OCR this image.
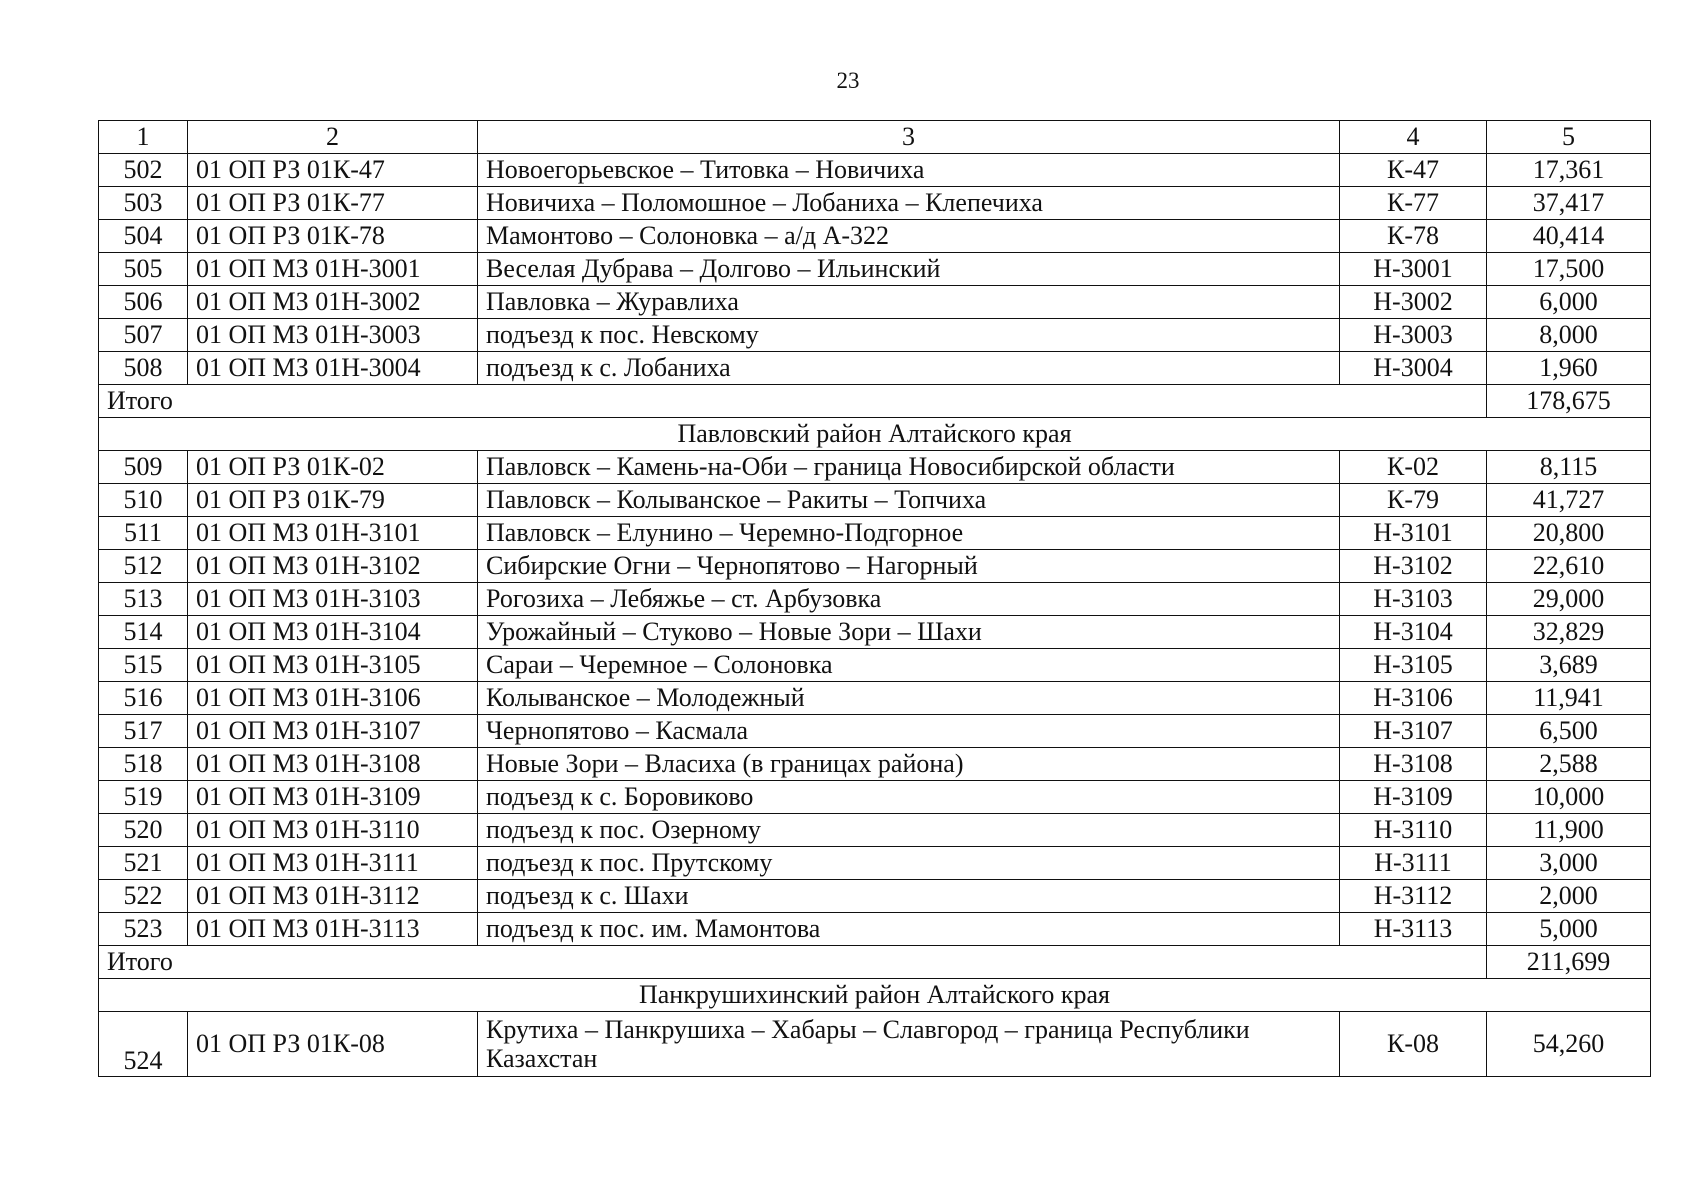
23
1	2	3	4	5
502	01 ОП РЗ 01К-47	Новоегорьевское – Титовка – Новичиха	К-47	17,361
503	01 ОП РЗ 01К-77	Новичиха – Поломошное – Лобаниха – Клепечиха	К-77	37,417
504	01 ОП РЗ 01К-78	Мамонтово – Солоновка – а/д А-322	К-78	40,414
505	01 ОП МЗ 01Н-3001	Веселая Дубрава – Долгово – Ильинский	Н-3001	17,500
506	01 ОП МЗ 01Н-3002	Павловка – Журавлиха	Н-3002	6,000
507	01 ОП МЗ 01Н-3003	подъезд к пос. Невскому	Н-3003	8,000
508	01 ОП МЗ 01Н-3004	подъезд к с. Лобаниха	Н-3004	1,960
Итого				178,675
Павловский район Алтайского края				
509	01 ОП РЗ 01К-02	Павловск – Камень-на-Оби – граница Новосибирской области	К-02	8,115
510	01 ОП РЗ 01К-79	Павловск – Колыванское – Ракиты – Топчиха	К-79	41,727
511	01 ОП МЗ 01Н-3101	Павловск – Елунино – Черемно-Подгорное	Н-3101	20,800
512	01 ОП МЗ 01Н-3102	Сибирские Огни – Чернопятово – Нагорный	Н-3102	22,610
513	01 ОП МЗ 01Н-3103	Рогозиха – Лебяжье – ст. Арбузовка	Н-3103	29,000
514	01 ОП МЗ 01Н-3104	Урожайный – Стуково – Новые Зори – Шахи	Н-3104	32,829
515	01 ОП МЗ 01Н-3105	Сараи – Черемное – Солоновка	Н-3105	3,689
516	01 ОП МЗ 01Н-3106	Колыванское – Молодежный	Н-3106	11,941
517	01 ОП МЗ 01Н-3107	Чернопятово – Касмала	Н-3107	6,500
518	01 ОП МЗ 01Н-3108	Новые Зори – Власиха (в границах района)	Н-3108	2,588
519	01 ОП МЗ 01Н-3109	подъезд к с. Боровиково	Н-3109	10,000
520	01 ОП МЗ 01Н-3110	подъезд к пос. Озерному	Н-3110	11,900
521	01 ОП МЗ 01Н-3111	подъезд к пос. Прутскому	Н-3111	3,000
522	01 ОП МЗ 01Н-3112	подъезд к с. Шахи	Н-3112	2,000
523	01 ОП МЗ 01Н-3113	подъезд к пос. им. Мамонтова	Н-3113	5,000
Итого				211,699
Панкрушихинский район Алтайского края				
524	01 ОП РЗ 01К-08	Крутиха – Панкрушиха – Хабары – Славгород – граница Республики Казахстан	К-08	54,260
